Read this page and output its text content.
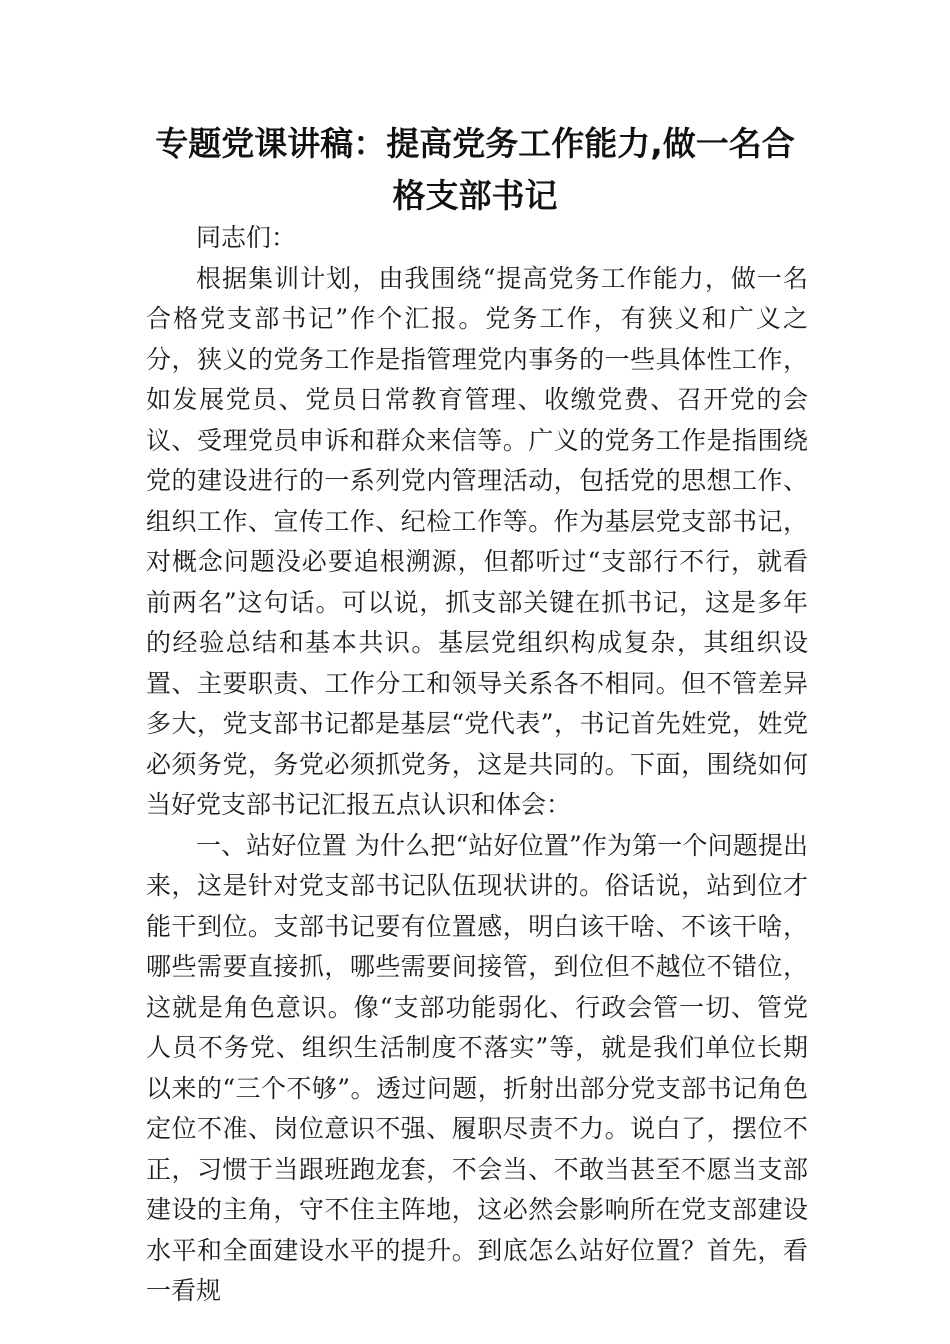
专题党课讲稿：提高党务工作能力,做一名合格支部书记

同志们：

根据集训计划，由我围绕“提高党务工作能力，做一名合格党支部书记”作个汇报。党务工作，有狭义和广义之分，狭义的党务工作是指管理党内事务的一些具体性工作，如发展党员、党员日常教育管理、收缴党费、召开党的会议、受理党员申诉和群众来信等。广义的党务工作是指围绕党的建设进行的一系列党内管理活动，包括党的思想工作、组织工作、宣传工作、纪检工作等。作为基层党支部书记，对概念问题没必要追根溯源，但都听过“支部行不行，就看前两名”这句话。可以说，抓支部关键在抓书记，这是多年的经验总结和基本共识。基层党组织构成复杂，其组织设置、主要职责、工作分工和领导关系各不相同。但不管差异多大，党支部书记都是基层“党代表”，书记首先姓党，姓党必须务党，务党必须抓党务，这是共同的。下面，围绕如何当好党支部书记汇报五点认识和体会：

一、站好位置 为什么把“站好位置”作为第一个问题提出来，这是针对党支部书记队伍现状讲的。俗话说，站到位才能干到位。支部书记要有位置感，明白该干啥、不该干啥，哪些需要直接抓，哪些需要间接管，到位但不越位不错位，这就是角色意识。像“支部功能弱化、行政会管一切、管党人员不务党、组织生活制度不落实”等，就是我们单位长期以来的“三个不够”。透过问题，折射出部分党支部书记角色定位不准、岗位意识不强、履职尽责不力。说白了，摆位不正，习惯于当跟班跑龙套，不会当、不敢当甚至不愿当支部建设的主角，守不住主阵地，这必然会影响所在党支部建设水平和全面建设水平的提升。到底怎么站好位置？首先，看一看规
